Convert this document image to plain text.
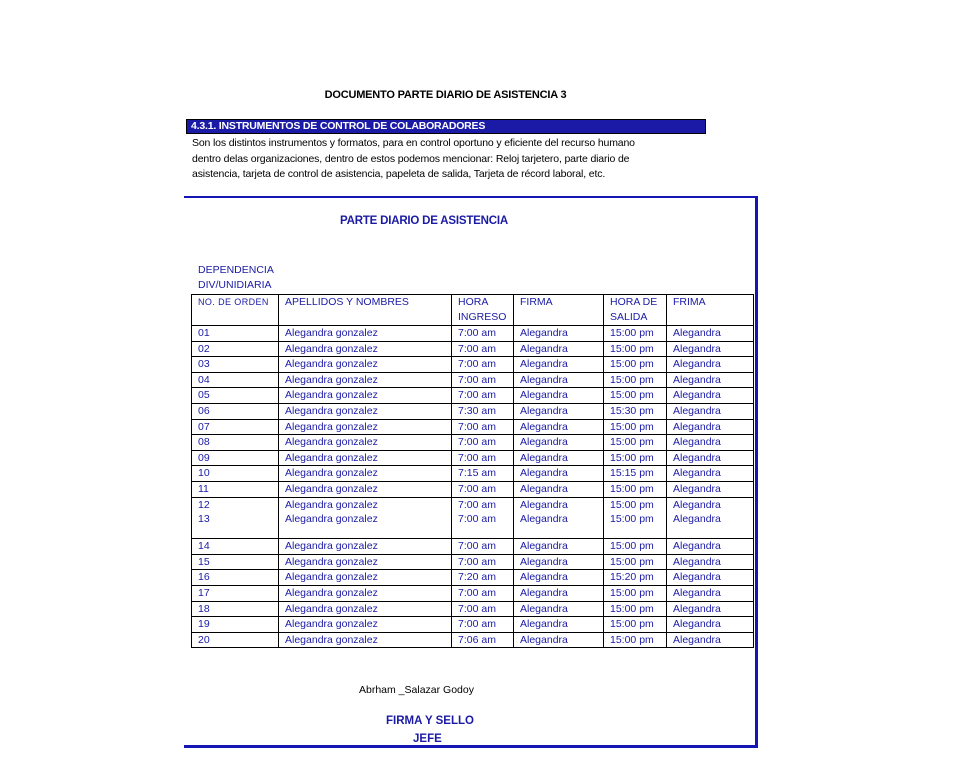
DOCUMENTO PARTE DIARIO DE ASISTENCIA 3
4.3.1. INSTRUMENTOS DE CONTROL DE COLABORADORES
Son los distintos instrumentos y formatos, para en control oportuno y eficiente del recurso humano
dentro delas organizaciones, dentro de estos podemos mencionar: Reloj tarjetero, parte diario de
asistencia, tarjeta de control de asistencia, papeleta de salida, Tarjeta de récord laboral, etc.
PARTE DIARIO DE ASISTENCIA
DEPENDENCIA
DIV/UNIDIARIA
NO. DE ORDEN	APELLIDOS Y NOMBRES	HORA INGRESO	FIRMA	HORA DE SALIDA	FRIMA
01	Alegandra gonzalez	7:00 am	Alegandra	15:00 pm	Alegandra
02	Alegandra gonzalez	7:00 am	Alegandra	15:00 pm	Alegandra
03	Alegandra gonzalez	7:00 am	Alegandra	15:00 pm	Alegandra
04	Alegandra gonzalez	7:00 am	Alegandra	15:00 pm	Alegandra
05	Alegandra gonzalez	7:00 am	Alegandra	15:00 pm	Alegandra
06	Alegandra gonzalez	7:30 am	Alegandra	15:30 pm	Alegandra
07	Alegandra gonzalez	7:00 am	Alegandra	15:00 pm	Alegandra
08	Alegandra gonzalez	7:00 am	Alegandra	15:00 pm	Alegandra
09	Alegandra gonzalez	7:00 am	Alegandra	15:00 pm	Alegandra
10	Alegandra gonzalez	7:15 am	Alegandra	15:15 pm	Alegandra
11	Alegandra gonzalez	7:00 am	Alegandra	15:00 pm	Alegandra
12	Alegandra gonzalez	7:00 am	Alegandra	15:00 pm	Alegandra
13	Alegandra gonzalez	7:00 am	Alegandra	15:00 pm	Alegandra
14	Alegandra gonzalez	7:00 am	Alegandra	15:00 pm	Alegandra
15	Alegandra gonzalez	7:00 am	Alegandra	15:00 pm	Alegandra
16	Alegandra gonzalez	7:20 am	Alegandra	15:20 pm	Alegandra
17	Alegandra gonzalez	7:00 am	Alegandra	15:00 pm	Alegandra
18	Alegandra gonzalez	7:00 am	Alegandra	15:00 pm	Alegandra
19	Alegandra gonzalez	7:00 am	Alegandra	15:00 pm	Alegandra
20	Alegandra gonzalez	7:06 am	Alegandra	15:00 pm	Alegandra
Abrham _Salazar Godoy
FIRMA Y SELLO
JEFE
